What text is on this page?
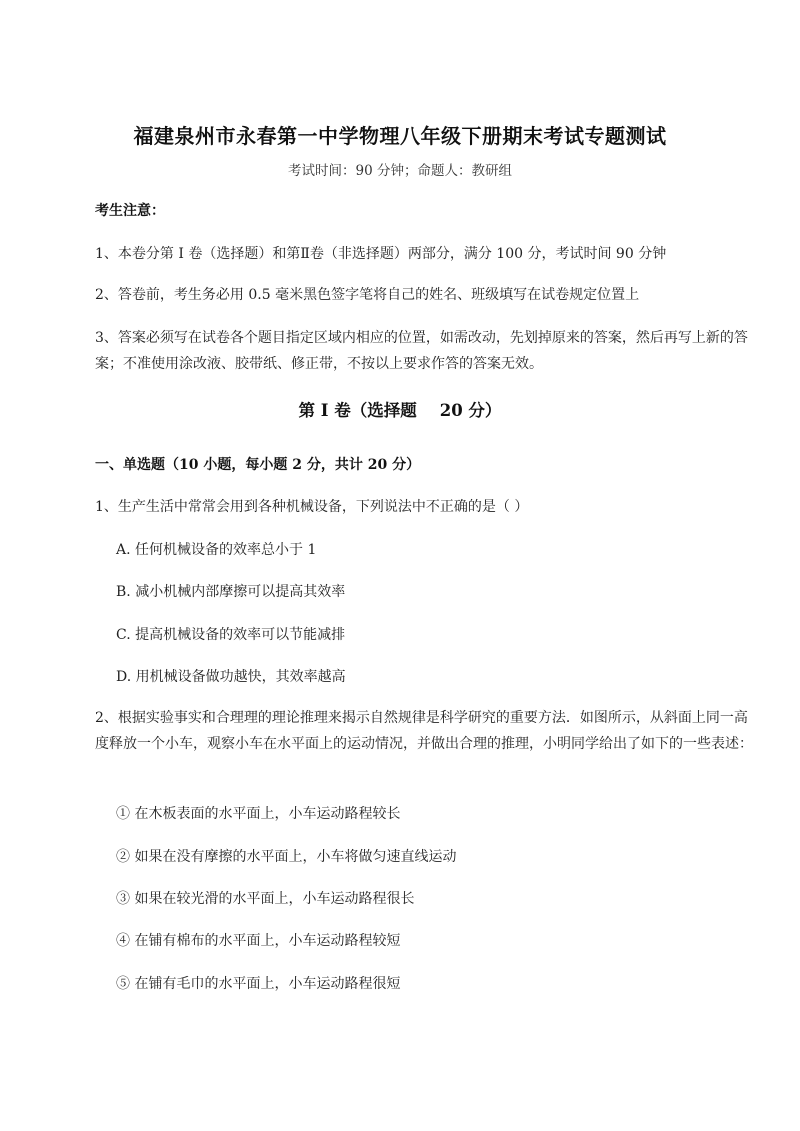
福建泉州市永春第一中学物理八年级下册期末考试专题测试
考试时间：90 分钟；命题人：教研组
考生注意：
1、本卷分第 I 卷（选择题）和第Ⅱ卷（非选择题）两部分，满分 100 分，考试时间 90 分钟
2、答卷前，考生务必用 0.5 毫米黑色签字笔将自己的姓名、班级填写在试卷规定位置上
3、答案必须写在试卷各个题目指定区域内相应的位置，如需改动，先划掉原来的答案，然后再写上新的答案；不准使用涂改液、胶带纸、修正带，不按以上要求作答的答案无效。
第 I 卷（选择题    20 分）
一、单选题（10 小题，每小题 2 分，共计 20 分）
1、生产生活中常常会用到各种机械设备，下列说法中不正确的是（ ）
A. 任何机械设备的效率总小于 1
B. 减小机械内部摩擦可以提高其效率
C. 提高机械设备的效率可以节能减排
D. 用机械设备做功越快，其效率越高
2、根据实验事实和合理理的理论推理来揭示自然规律是科学研究的重要方法．如图所示，从斜面上同一高度释放一个小车，观察小车在水平面上的运动情况，并做出合理的推理，小明同学给出了如下的一些表述：
① 在木板表面的水平面上，小车运动路程较长
② 如果在没有摩擦的水平面上，小车将做匀速直线运动
③ 如果在较光滑的水平面上，小车运动路程很长
④ 在铺有棉布的水平面上，小车运动路程较短
⑤ 在铺有毛巾的水平面上，小车运动路程很短
